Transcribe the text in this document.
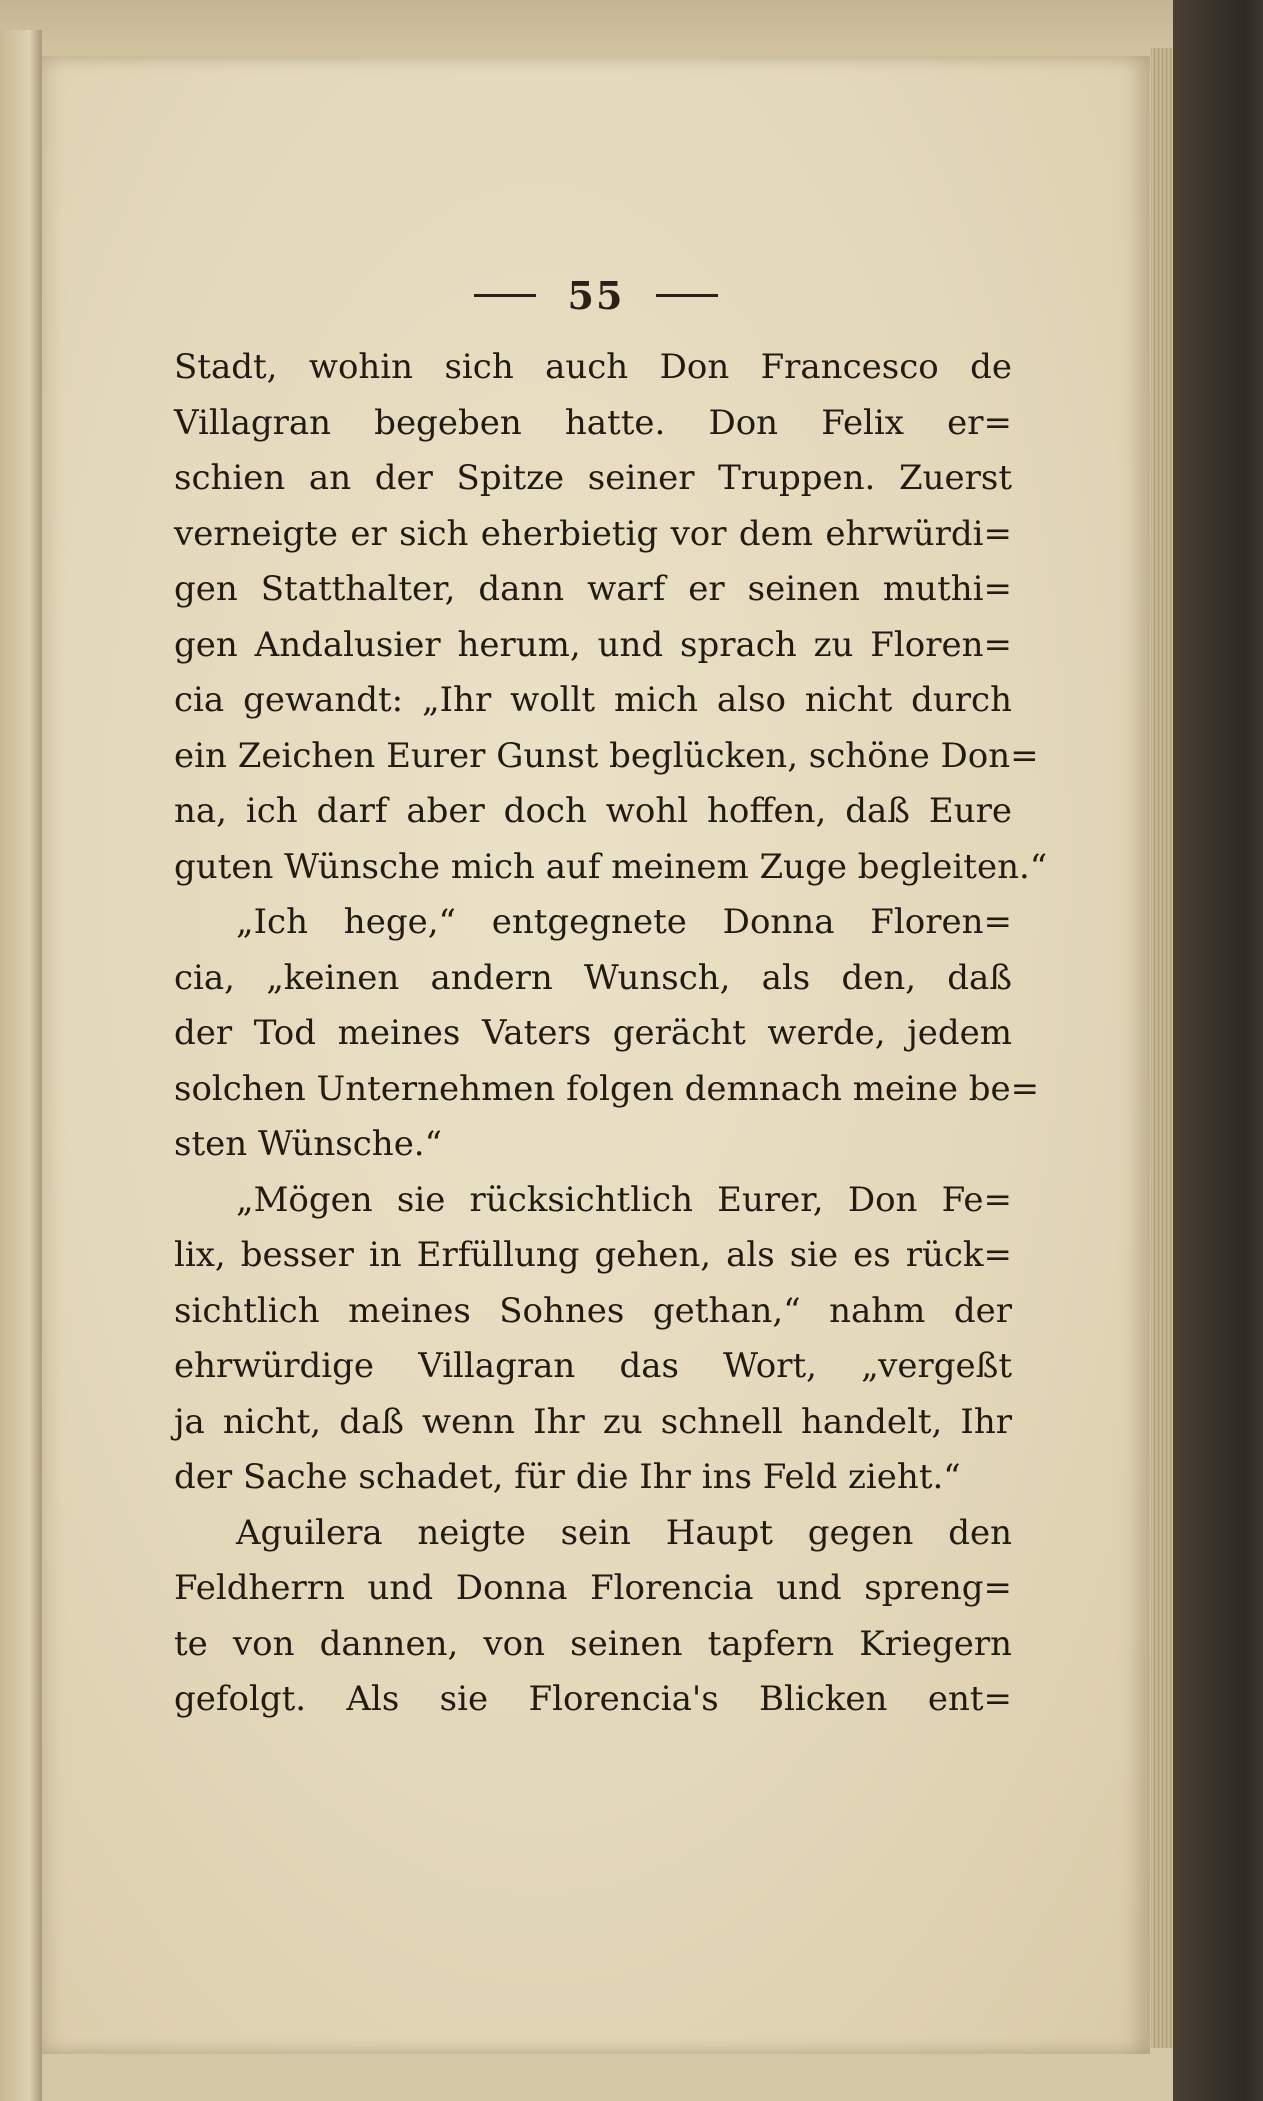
55
Stadt, wohin sich auch Don Francesco de
Villagran begeben hatte. Don Felix er=
schien an der Spitze seiner Truppen. Zuerst
verneigte er sich eherbietig vor dem ehrwürdi=
gen Statthalter, dann warf er seinen muthi=
gen Andalusier herum, und sprach zu Floren=
cia gewandt: „Ihr wollt mich also nicht durch
ein Zeichen Eurer Gunst beglücken, schöne Don=
na, ich darf aber doch wohl hoffen, daß Eure
guten Wünsche mich auf meinem Zuge begleiten.“
„Ich hege,“ entgegnete Donna Floren=
cia, „keinen andern Wunsch, als den, daß
der Tod meines Vaters gerächt werde, jedem
solchen Unternehmen folgen demnach meine be=
sten Wünsche.“
„Mögen sie rücksichtlich Eurer, Don Fe=
lix, besser in Erfüllung gehen, als sie es rück=
sichtlich meines Sohnes gethan,“ nahm der
ehrwürdige Villagran das Wort, „vergeßt
ja nicht, daß wenn Ihr zu schnell handelt, Ihr
der Sache schadet, für die Ihr ins Feld zieht.“
Aguilera neigte sein Haupt gegen den
Feldherrn und Donna Florencia und spreng=
te von dannen, von seinen tapfern Kriegern
gefolgt. Als sie Florencia's Blicken ent=
